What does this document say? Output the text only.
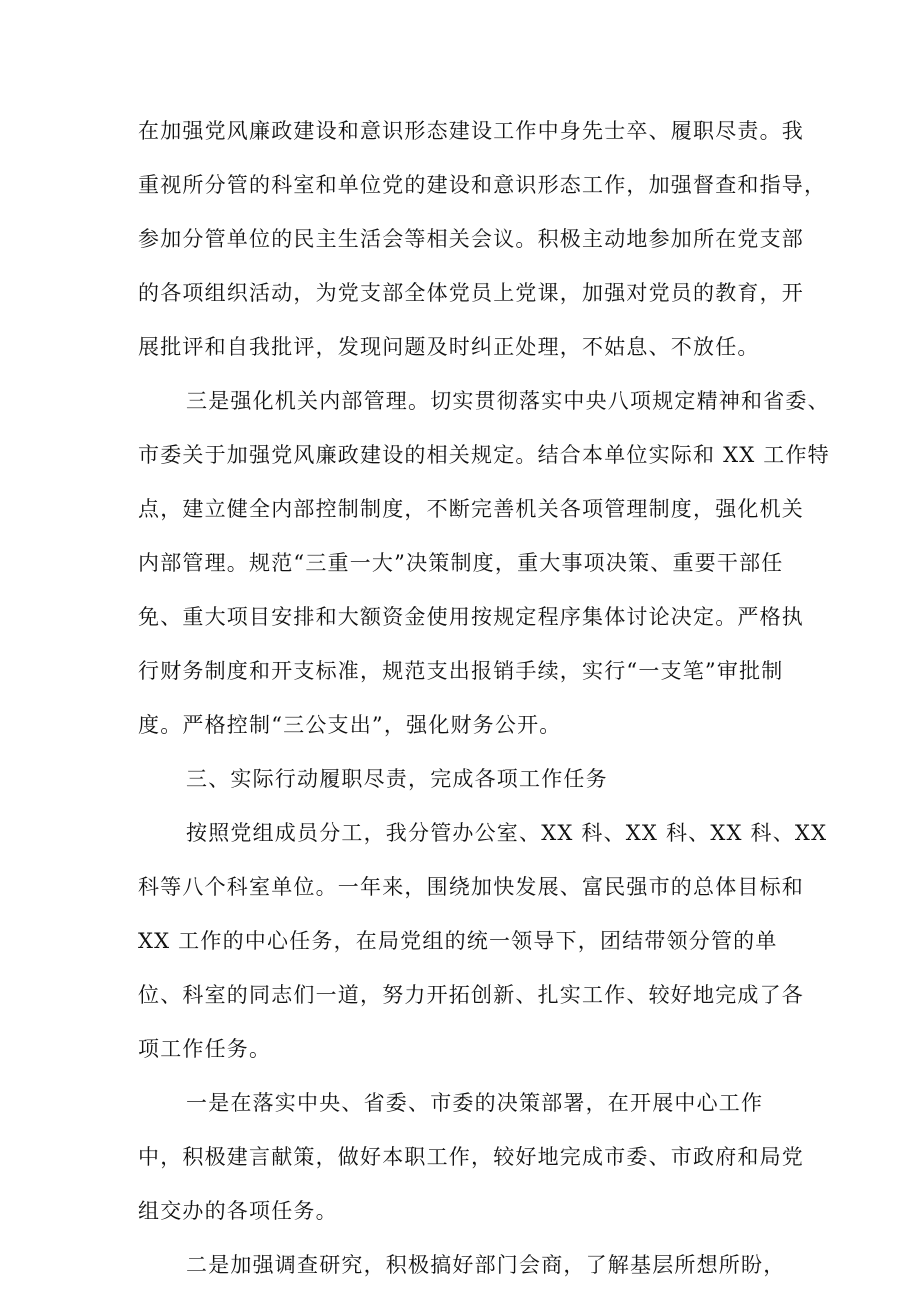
在加强党风廉政建设和意识形态建设工作中身先士卒、履职尽责。我
重视所分管的科室和单位党的建设和意识形态工作，加强督查和指导，
参加分管单位的民主生活会等相关会议。积极主动地参加所在党支部
的各项组织活动，为党支部全体党员上党课，加强对党员的教育，开
展批评和自我批评，发现问题及时纠正处理，不姑息、不放任。
三是强化机关内部管理。切实贯彻落实中央八项规定精神和省委、
市委关于加强党风廉政建设的相关规定。结合本单位实际和 XX 工作特
点，建立健全内部控制制度，不断完善机关各项管理制度，强化机关
内部管理。规范“三重一大”决策制度，重大事项决策、重要干部任
免、重大项目安排和大额资金使用按规定程序集体讨论决定。严格执
行财务制度和开支标准，规范支出报销手续，实行“一支笔”审批制
度。严格控制“三公支出”，强化财务公开。
三、实际行动履职尽责，完成各项工作任务
按照党组成员分工，我分管办公室、XX 科、XX 科、XX 科、XX
科等八个科室单位。一年来，围绕加快发展、富民强市的总体目标和
XX 工作的中心任务，在局党组的统一领导下，团结带领分管的单
位、科室的同志们一道，努力开拓创新、扎实工作、较好地完成了各
项工作任务。
一是在落实中央、省委、市委的决策部署，在开展中心工作
中，积极建言献策，做好本职工作，较好地完成市委、市政府和局党
组交办的各项任务。
二是加强调查研究，积极搞好部门会商，了解基层所想所盼，
